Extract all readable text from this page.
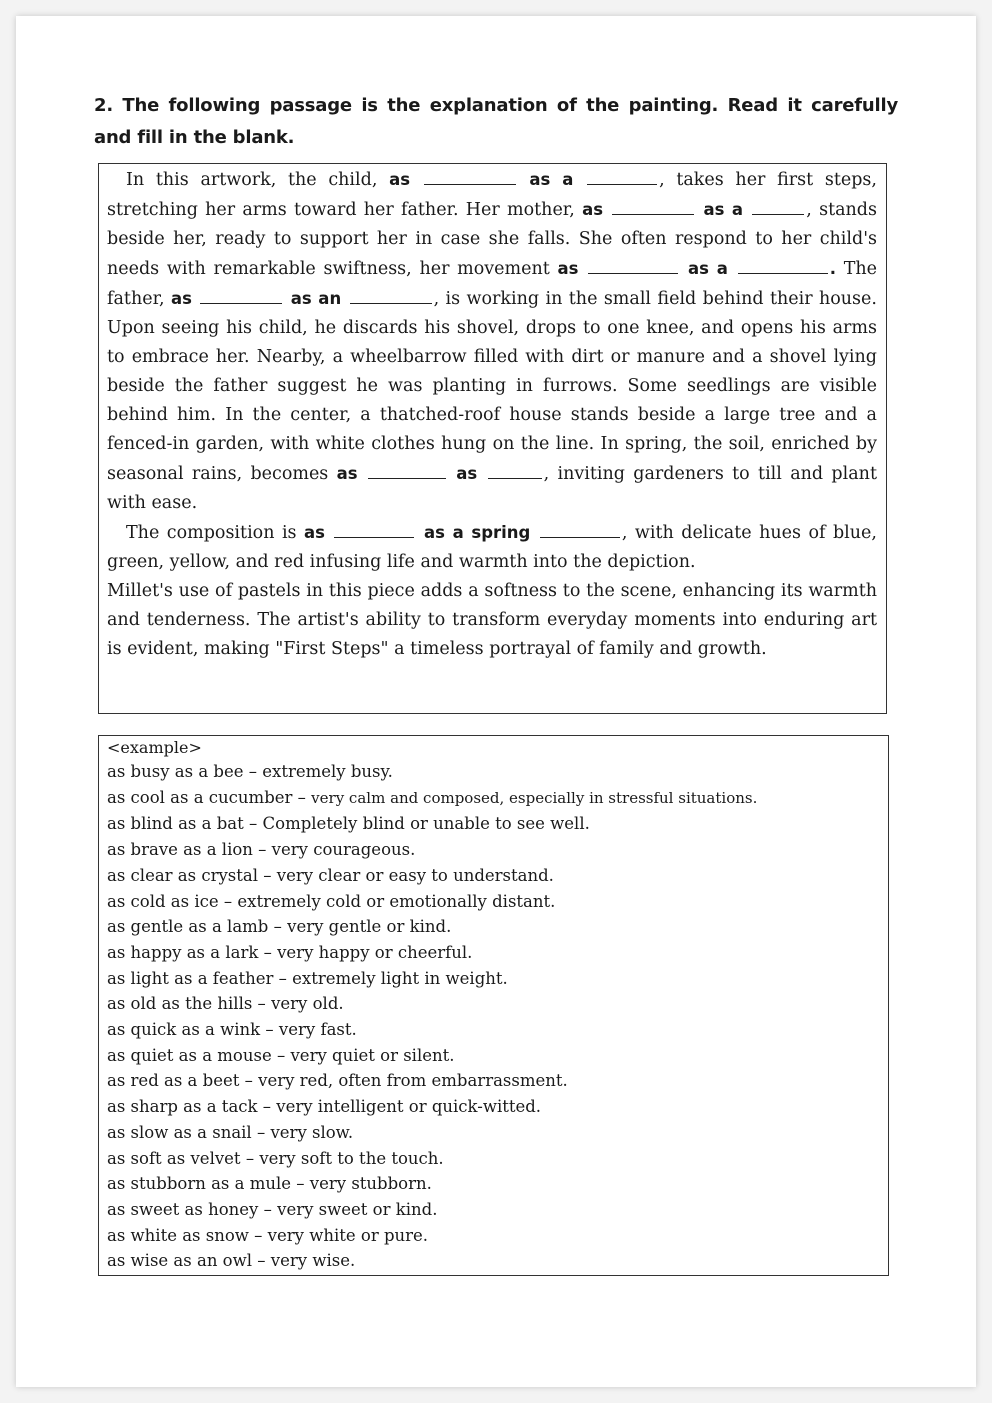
2. The following passage is the explanation of the painting. Read it carefully and fill in the blank.

In this artwork, the child, as	as a	, takes her first steps, stretching her arms toward her father. Her mother, as	as a	, stands beside her, ready to support her in case she falls. She often respond to her child's needs with remarkable swiftness, her movement as	as a	. The father, as	as an	, is working in the small field behind their house. Upon seeing his child, he discards his shovel, drops to one knee, and opens his arms to embrace her. Nearby, a wheelbarrow filled with dirt or manure and a shovel lying beside the father suggest he was planting in furrows. Some seedlings are visible behind him. In the center, a thatched-roof house stands beside a large tree and a fenced-in garden, with white clothes hung on the line. In spring, the soil, enriched by seasonal rains, becomes as	as	, inviting gardeners to till and plant with ease.

The composition is as	as a spring	, with delicate hues of blue, green, yellow, and red infusing life and warmth into the depiction.

Millet's use of pastels in this piece adds a softness to the scene, enhancing its warmth and tenderness. The artist's ability to transform everyday moments into enduring art is evident, making "First Steps" a timeless portrayal of family and growth.

<example>

as busy as a bee – extremely busy.
as cool as a cucumber – very calm and composed, especially in stressful situations.
as blind as a bat – Completely blind or unable to see well.
as brave as a lion – very courageous.
as clear as crystal – very clear or easy to understand.
as cold as ice – extremely cold or emotionally distant.
as gentle as a lamb – very gentle or kind.
as happy as a lark – very happy or cheerful.
as light as a feather – extremely light in weight.
as old as the hills – very old.
as quick as a wink – very fast.
as quiet as a mouse – very quiet or silent.
as red as a beet – very red, often from embarrassment.
as sharp as a tack – very intelligent or quick-witted.
as slow as a snail – very slow.
as soft as velvet – very soft to the touch.
as stubborn as a mule – very stubborn.
as sweet as honey – very sweet or kind.
as white as snow – very white or pure.
as wise as an owl – very wise.
